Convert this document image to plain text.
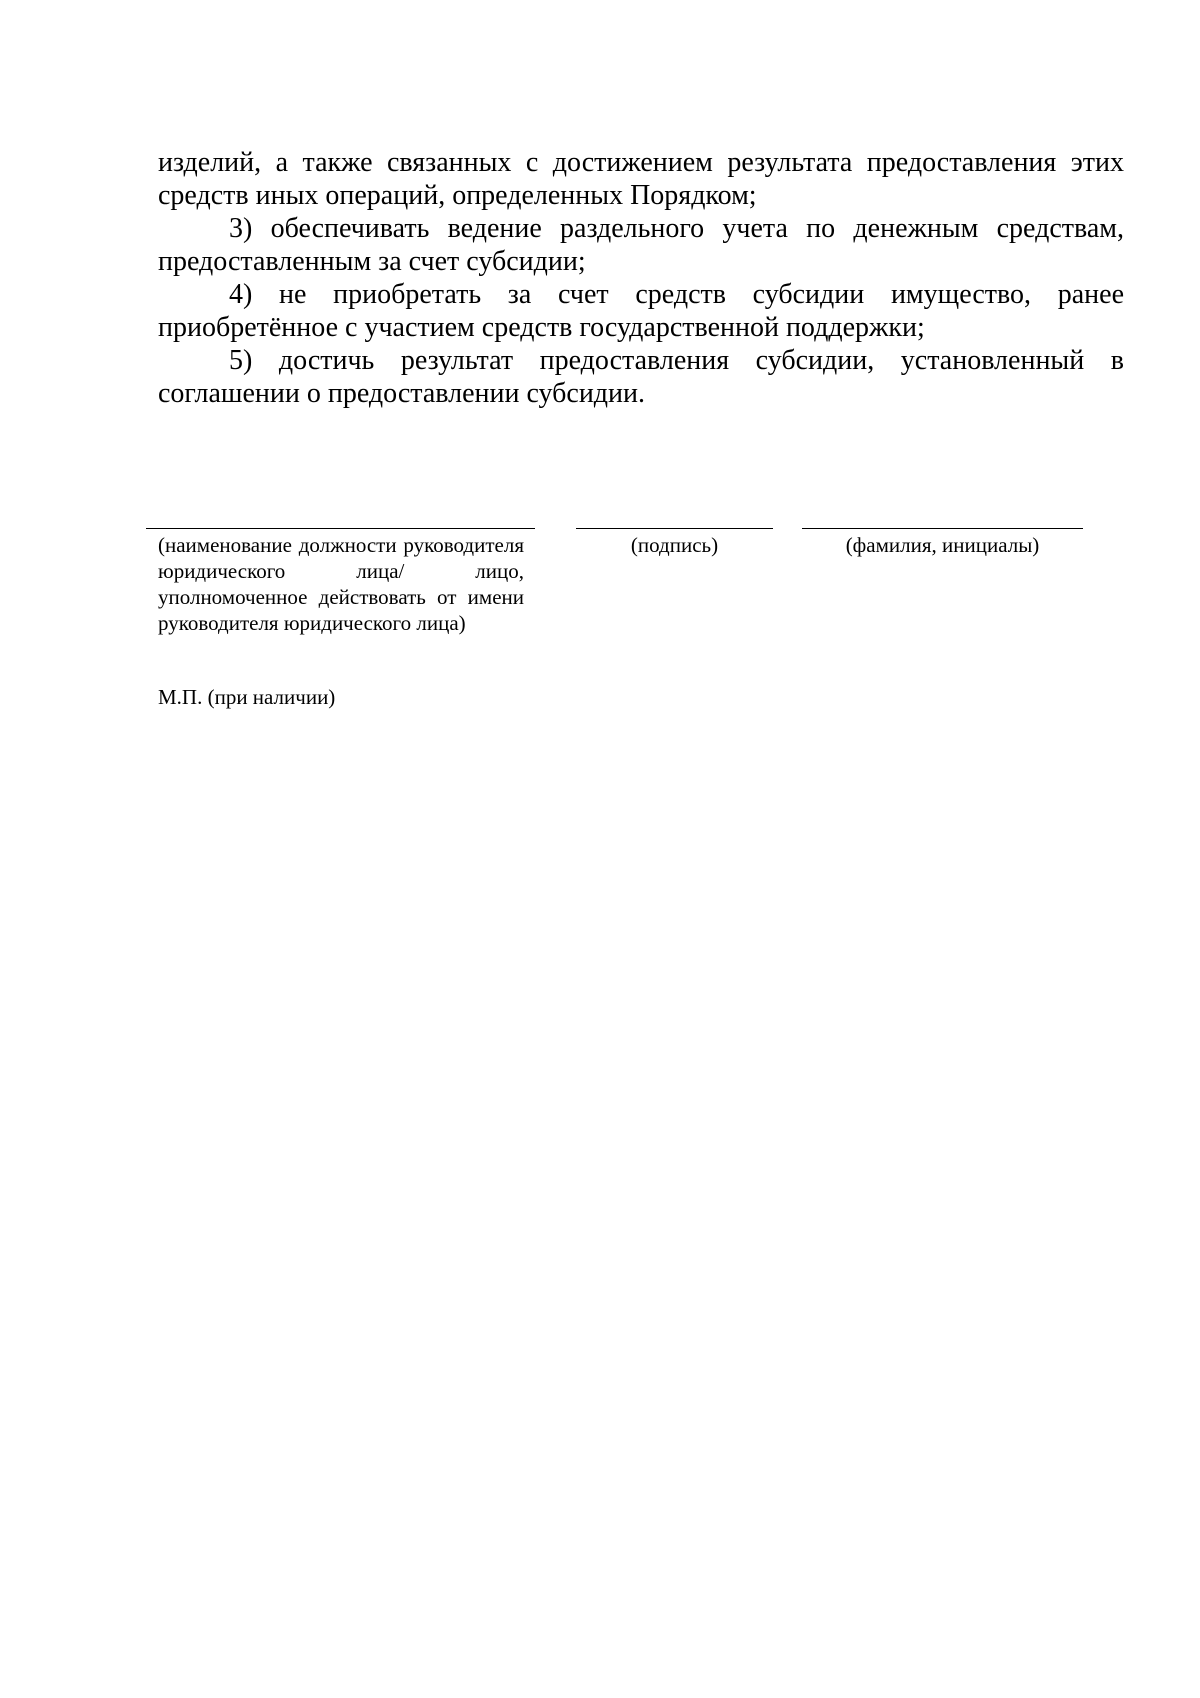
изделий, а также связанных с достижением результата предоставления этих средств иных операций, определенных Порядком;

3) обеспечивать ведение раздельного учета по денежным средствам, предоставленным за счет субсидии;

4) не приобретать за счет средств субсидии имущество, ранее приобретённое с участием средств государственной поддержки;

5) достичь результат предоставления субсидии, установленный в соглашении о предоставлении субсидии.

(наименование должности руководителя юридического лица/ лицо, уполномоченное действовать от имени руководителя юридического лица)
(подпись)	(фамилия, инициалы)
М.П. (при наличии)
